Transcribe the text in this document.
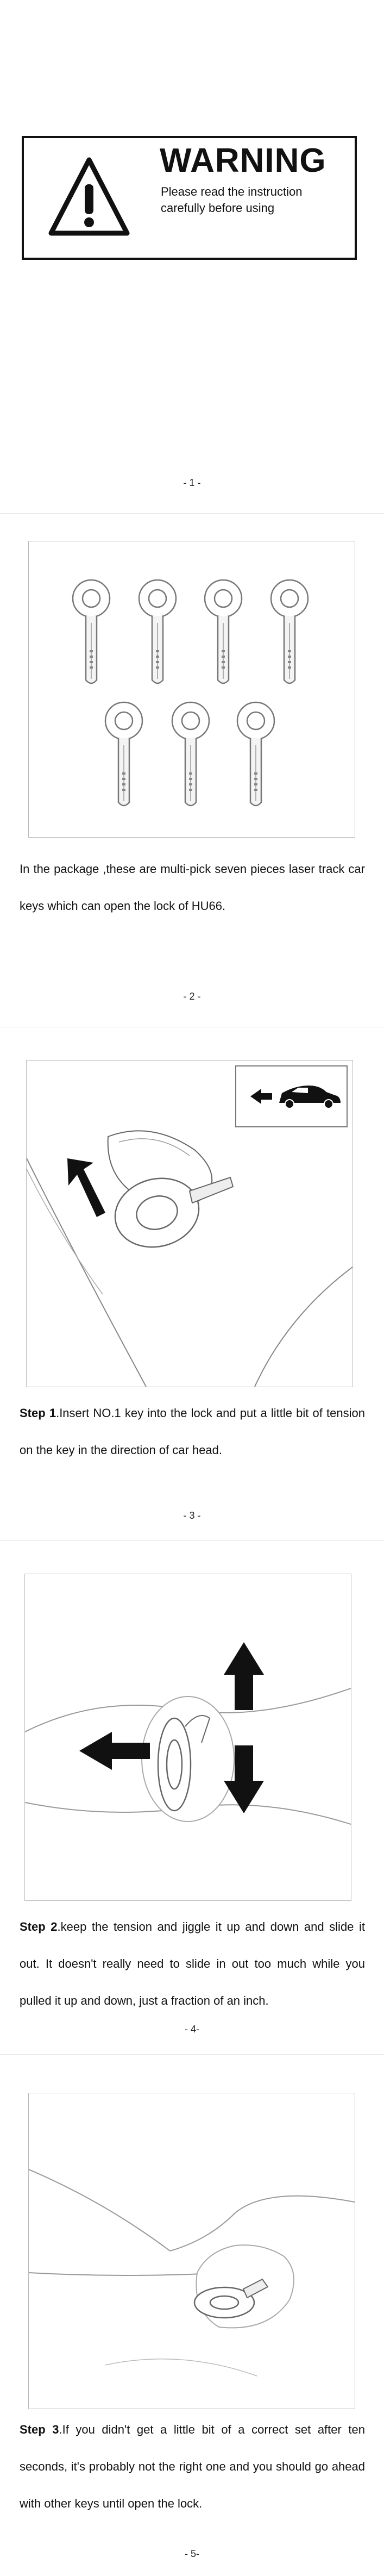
WARNING
Please read the instruction carefully before using
- 1 -
In the package ,these are multi-pick seven pieces laser track car keys which can open the lock of HU66.
- 2 -
Step 1.Insert NO.1 key into the lock and put a little bit of tension on the key in the direction of car head.
- 3 -
Step 2.keep the tension and jiggle it up and down and slide it out. It doesn't really need to slide in out too much while you pulled it up and down, just a fraction of an inch.
- 4-
Step 3.If you didn't get a little bit of a correct set after ten seconds, it's probably not the right one and you should go ahead with other keys until open the lock.
- 5-
